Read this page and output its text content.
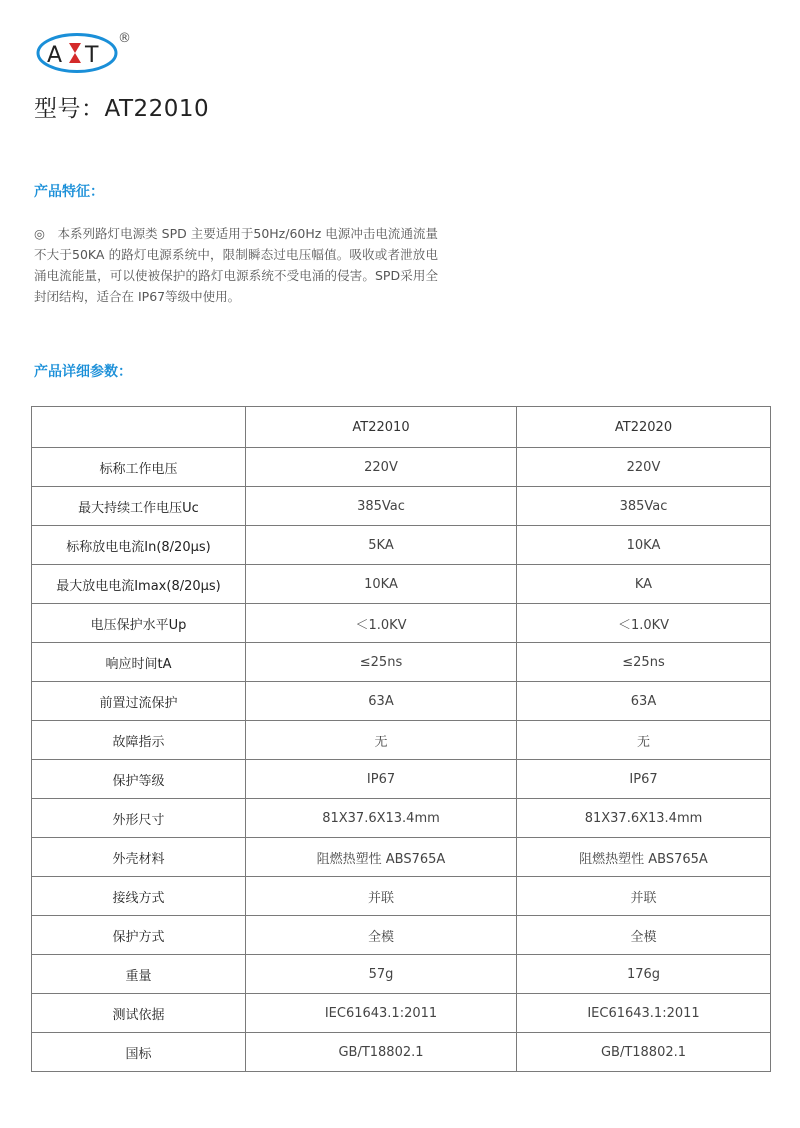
A T
®
型号：AT22010
产品特征：

◎　本系列路灯电源类 SPD 主要适用于50Hz/60Hz 电源冲击电流通流量不大于50KA 的路灯电源系统中，限制瞬态过电压幅值。吸收或者泄放电涌电流能量，可以使被保护的路灯电源系统不受电涌的侵害。SPD采用全封闭结构，适合在 IP67等级中使用。

产品详细参数：
	AT22010	AT22020
标称工作电压	220V	220V
最大持续工作电压Uc	385Vac	385Vac
标称放电电流In(8/20μs)	5KA	10KA
最大放电电流Imax(8/20μs)	10KA	KA
电压保护水平Up	＜1.0KV	＜1.0KV
响应时间tA	≤25ns	≤25ns
前置过流保护	63A	63A
故障指示	无	无
保护等级	IP67	IP67
外形尺寸	81X37.6X13.4mm	81X37.6X13.4mm
外壳材料	阻燃热塑性 ABS765A	阻燃热塑性 ABS765A
接线方式	并联	并联
保护方式	全模	全模
重量	57g	176g
测试依据	IEC61643.1:2011	IEC61643.1:2011
国标	GB/T18802.1	GB/T18802.1
